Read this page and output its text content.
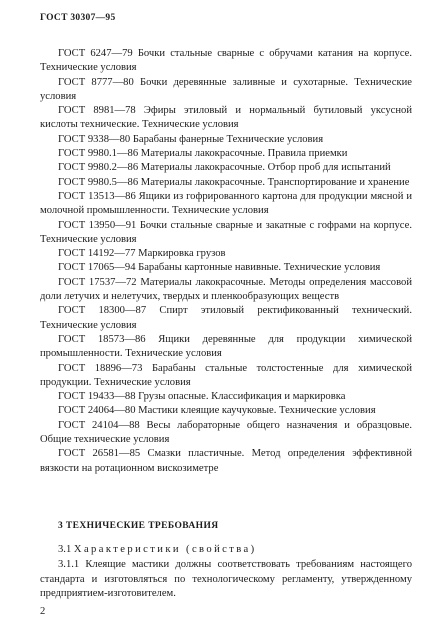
ГОСТ 30307—95
ГОСТ 6247—79 Бочки стальные сварные с обручами катания на корпусе. Технические условия
ГОСТ 8777—80 Бочки деревянные заливные и сухотарные. Технические условия
ГОСТ 8981—78 Эфиры этиловый и нормальный бутиловый уксусной кислоты технические. Технические условия
ГОСТ 9338—80 Барабаны фанерные Технические условия
ГОСТ 9980.1—86 Материалы лакокрасочные. Правила приемки
ГОСТ 9980.2—86 Материалы лакокрасочные. Отбор проб для испытаний
ГОСТ 9980.5—86 Материалы лакокрасочные. Транспортирование и хранение
ГОСТ 13513—86 Ящики из гофрированного картона для продукции мясной и молочной промышленности. Технические условия
ГОСТ 13950—91 Бочки стальные сварные и закатные с гофрами на корпусе. Технические условия
ГОСТ 14192—77 Маркировка грузов
ГОСТ 17065—94 Барабаны картонные навивные. Технические условия
ГОСТ 17537—72 Материалы лакокрасочные. Методы определения массовой доли летучих и нелетучих, твердых и пленкообразующих веществ
ГОСТ 18300—87 Спирт этиловый ректификованный технический. Технические условия
ГОСТ 18573—86 Ящики деревянные для продукции химической промышленности. Технические условия
ГОСТ 18896—73 Барабаны стальные толстостенные для химической продукции. Технические условия
ГОСТ 19433—88 Грузы опасные. Классификация и маркировка
ГОСТ 24064—80 Мастики клеящие каучуковые. Технические условия
ГОСТ 24104—88 Весы лабораторные общего назначения и образцовые. Общие технические условия
ГОСТ 26581—85 Смазки пластичные. Метод определения эффективной вязкости на ротационном вискозиметре
3 ТЕХНИЧЕСКИЕ ТРЕБОВАНИЯ
3.1 Характеристики (свойства)
3.1.1 Клеящие мастики должны соответствовать требованиям настоящего стандарта и изготовляться по технологическому регламенту, утвержденному предприятием-изготовителем.
2
